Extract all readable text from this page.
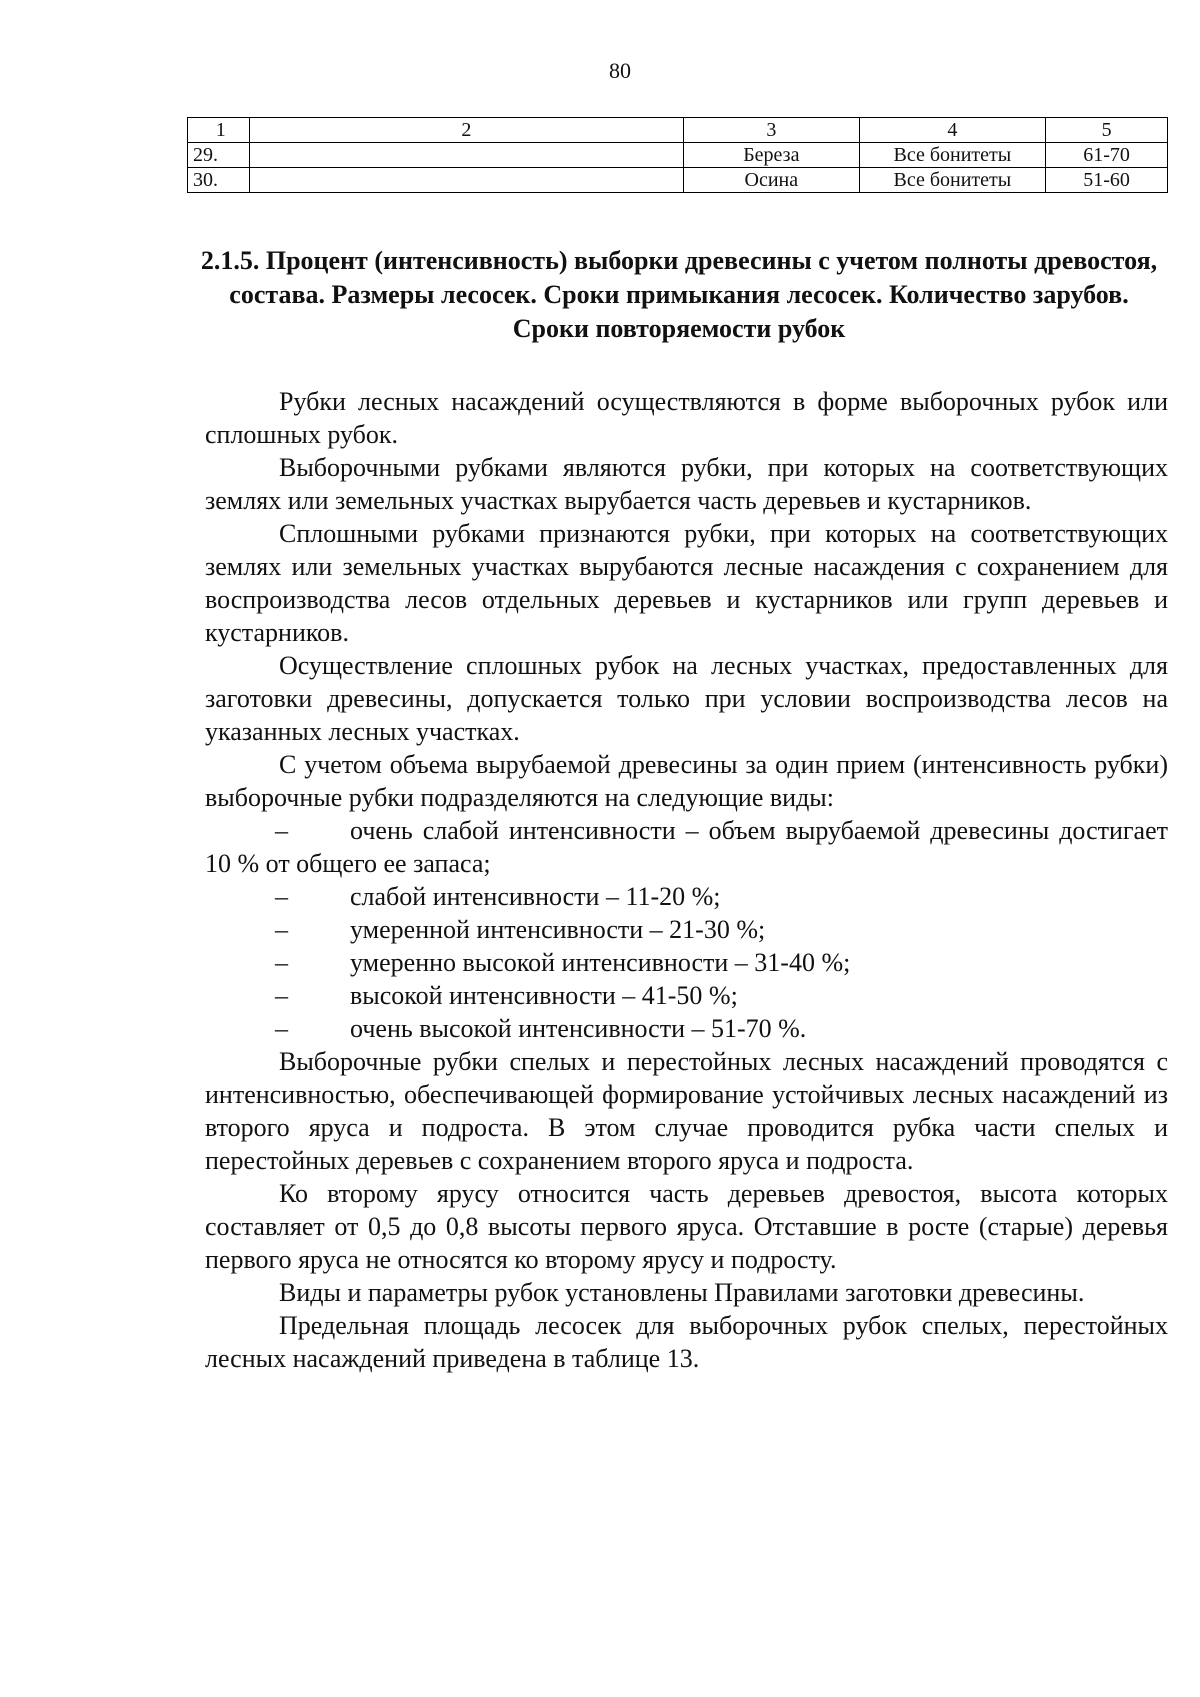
80
1	2	3	4	5
29.		Береза	Все бонитеты	61-70
30.		Осина	Все бонитеты	51-60
2.1.5. Процент (интенсивность) выборки древесины с учетом полноты древостоя, состава. Размеры лесосек. Сроки примыкания лесосек. Количество зарубов. Сроки повторяемости рубок

Рубки лесных насаждений осуществляются в форме выборочных рубок или сплошных рубок.

Выборочными рубками являются рубки, при которых на соответствующих землях или земельных участках вырубается часть деревьев и кустарников.

Сплошными рубками признаются рубки, при которых на соответствующих землях или земельных участках вырубаются лесные насаждения с сохранением для воспроизводства лесов отдельных деревьев и кустарников или групп деревьев и кустарников.

Осуществление сплошных рубок на лесных участках, предоставленных для заготовки древесины, допускается только при условии воспроизводства лесов на указанных лесных участках.

С учетом объема вырубаемой древесины за один прием (интенсивность рубки) выборочные рубки подразделяются на следующие виды:

– очень слабой интенсивности – объем вырубаемой древесины достигает 10 % от общего ее запаса;
– слабой интенсивности – 11-20 %;
– умеренной интенсивности – 21-30 %;
– умеренно высокой интенсивности – 31-40 %;
– высокой интенсивности – 41-50 %;
– очень высокой интенсивности – 51-70 %.

Выборочные рубки спелых и перестойных лесных насаждений проводятся с интенсивностью, обеспечивающей формирование устойчивых лесных насаждений из второго яруса и подроста. В этом случае проводится рубка части спелых и перестойных деревьев с сохранением второго яруса и подроста.

Ко второму ярусу относится часть деревьев древостоя, высота которых составляет от 0,5 до 0,8 высоты первого яруса. Отставшие в росте (старые) деревья первого яруса не относятся ко второму ярусу и подросту.

Виды и параметры рубок установлены Правилами заготовки древесины.

Предельная площадь лесосек для выборочных рубок спелых, перестойных лесных насаждений приведена в таблице 13.
